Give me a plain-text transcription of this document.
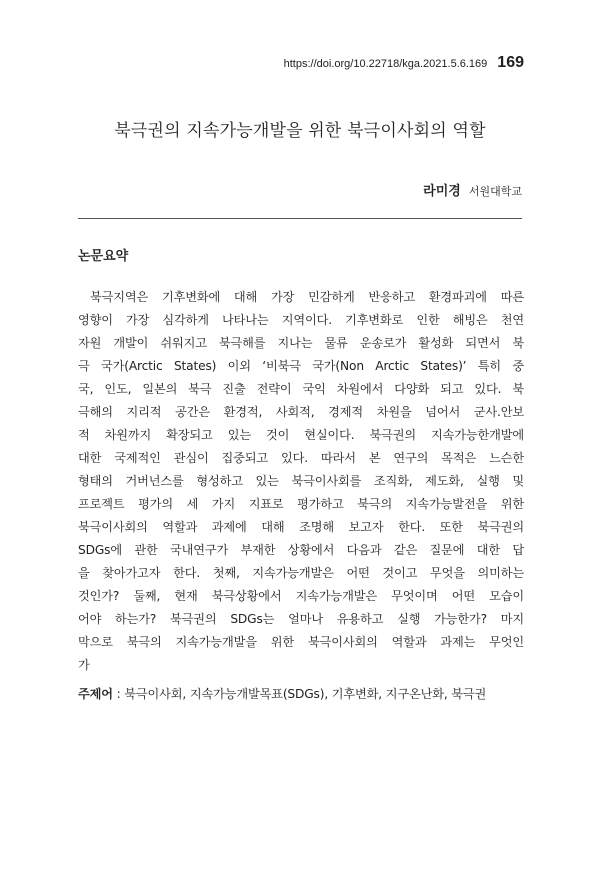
https://doi.org/10.22718/kga.2021.5.6.169 169
북극권의 지속가능개발을 위한 북극이사회의 역할
라미경 서원대학교
논문요약
북극지역은 기후변화에 대해 가장 민감하게 반응하고 환경파괴에 따른
영향이 가장 심각하게 나타나는 지역이다. 기후변화로 인한 해빙은 천연
자원 개발이 쉬워지고 북극해를 지나는 물류 운송로가 활성화 되면서 북
극 국가(Arctic States) 이외 ‘비북극 국가(Non Arctic States)’ 특히 중
국, 인도, 일본의 북극 진출 전략이 국익 차원에서 다양화 되고 있다. 북
극해의 지리적 공간은 환경적, 사회적, 경제적 차원을 넘어서 군사.안보
적 차원까지 확장되고 있는 것이 현실이다. 북극권의 지속가능한개발에
대한 국제적인 관심이 집중되고 있다. 따라서 본 연구의 목적은 느슨한
형태의 거버넌스를 형성하고 있는 북극이사회를 조직화, 제도화, 실행 및
프로젝트 평가의 세 가지 지표로 평가하고 북극의 지속가능발전을 위한
북극이사회의 역할과 과제에 대해 조명해 보고자 한다. 또한 북극권의
SDGs에 관한 국내연구가 부재한 상황에서 다음과 같은 질문에 대한 답
을 찾아가고자 한다. 첫째, 지속가능개발은 어떤 것이고 무엇을 의미하는
것인가? 둘째, 현재 북극상황에서 지속가능개발은 무엇이며 어떤 모습이
어야 하는가? 북극권의 SDGs는 얼마나 유용하고 실행 가능한가? 마지
막으로 북극의 지속가능개발을 위한 북극이사회의 역할과 과제는 무엇인
가
주제어 : 북극이사회, 지속가능개발목표(SDGs), 기후변화, 지구온난화, 북극권
